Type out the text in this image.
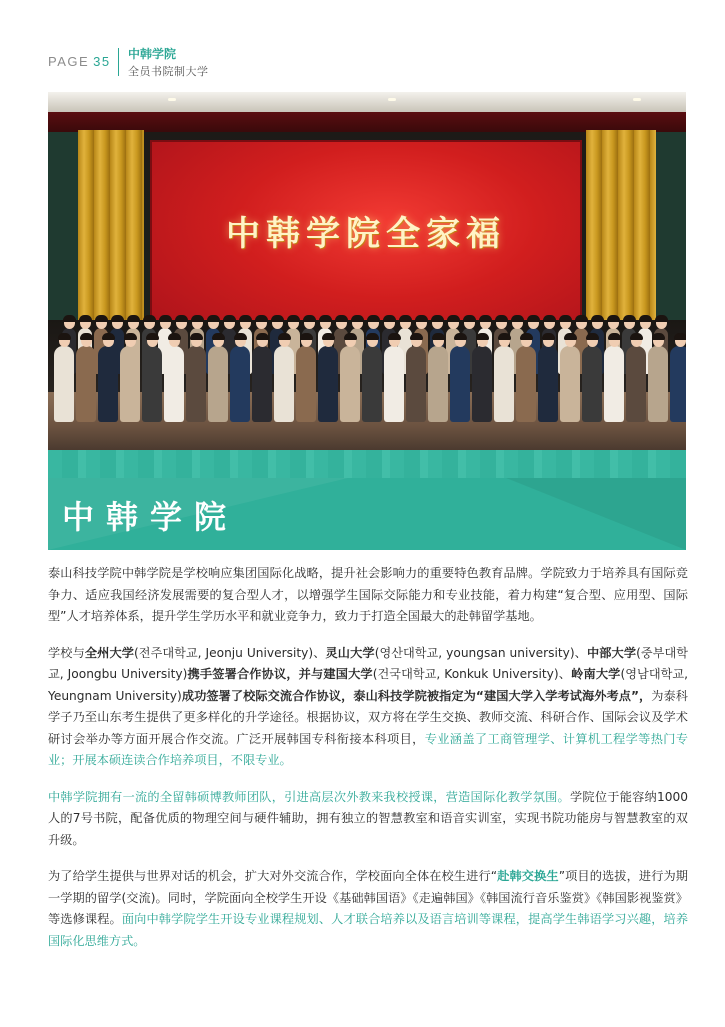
PAGE 35 中韩学院
全员书院制大学
中韩学院全家福
中韩学院

泰山科技学院中韩学院是学校响应集团国际化战略，提升社会影响力的重要特色教育品牌。学院致力于培养具有国际竞争力、适应我国经济发展需要的复合型人才，以增强学生国际交际能力和专业技能，着力构建“复合型、应用型、国际型”人才培养体系，提升学生学历水平和就业竞争力，致力于打造全国最大的赴韩留学基地。

学校与全州大学(전주대학교, Jeonju University)、灵山大学(영산대학교, youngsan university)、中部大学(중부대학교, Joongbu University)携手签署合作协议，并与建国大学(건국대학교, Konkuk University)、岭南大学(영남대학교, Yeungnam University)成功签署了校际交流合作协议，泰山科技学院被指定为“建国大学入学考试海外考点”，为泰科学子乃至山东考生提供了更多样化的升学途径。根据协议，双方将在学生交换、教师交流、科研合作、国际会议及学术研讨会举办等方面开展合作交流。广泛开展韩国专科衔接本科项目，专业涵盖了工商管理学、计算机工程学等热门专业；开展本硕连读合作培养项目，不限专业。

中韩学院拥有一流的全留韩硕博教师团队，引进高层次外教来我校授课，营造国际化教学氛围。学院位于能容纳1000人的7号书院，配备优质的物理空间与硬件辅助，拥有独立的智慧教室和语音实训室，实现书院功能房与智慧教室的双升级。

为了给学生提供与世界对话的机会，扩大对外交流合作，学校面向全体在校生进行“赴韩交换生”项目的选拔，进行为期一学期的留学(交流)。同时，学院面向全校学生开设《基础韩国语》《走遍韩国》《韩国流行音乐鉴赏》《韩国影视鉴赏》等选修课程。面向中韩学院学生开设专业课程规划、人才联合培养以及语言培训等课程，提高学生韩语学习兴趣，培养国际化思维方式。
